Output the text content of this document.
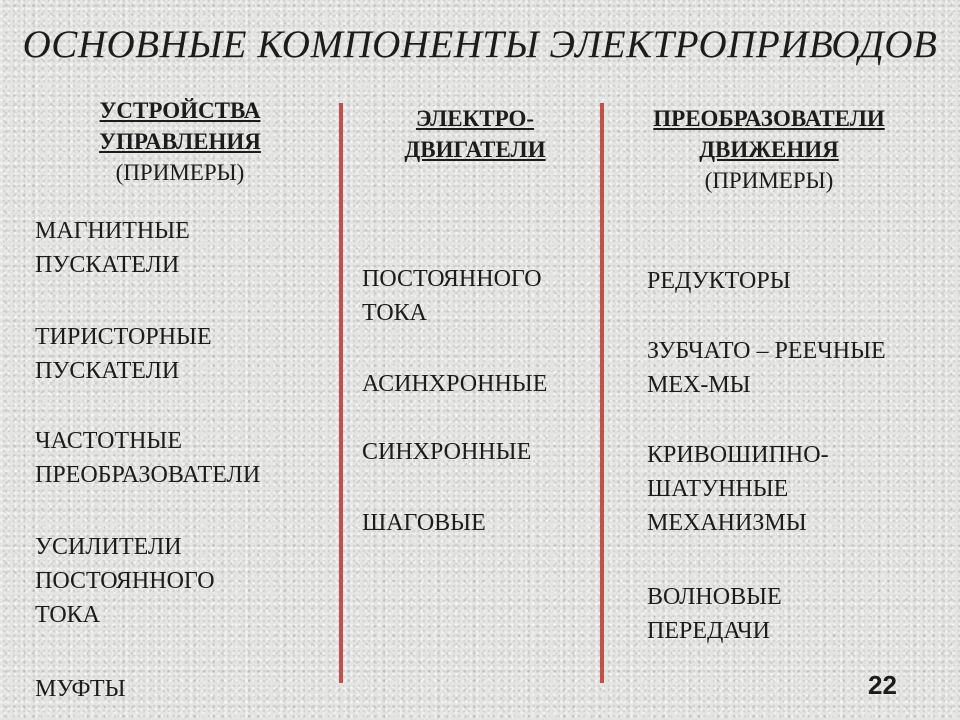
ОСНОВНЫЕ КОМПОНЕНТЫ ЭЛЕКТРОПРИВОДОВ
УСТРОЙСТВА
УПРАВЛЕНИЯ
(ПРИМЕРЫ)
МАГНИТНЫЕ
ПУСКАТЕЛИ
ТИРИСТОРНЫЕ
ПУСКАТЕЛИ
ЧАСТОТНЫЕ
ПРЕОБРАЗОВАТЕЛИ
УСИЛИТЕЛИ
ПОСТОЯННОГО
ТОКА
МУФТЫ
ЭЛЕКТРО-
ДВИГАТЕЛИ
ПОСТОЯННОГО
ТОКА
АСИНХРОННЫЕ
СИНХРОННЫЕ
ШАГОВЫЕ
ПРЕОБРАЗОВАТЕЛИ
ДВИЖЕНИЯ
(ПРИМЕРЫ)
РЕДУКТОРЫ
ЗУБЧАТО – РЕЕЧНЫЕ
МЕХ-МЫ
КРИВОШИПНО-
ШАТУННЫЕ
МЕХАНИЗМЫ
ВОЛНОВЫЕ
ПЕРЕДАЧИ
22
